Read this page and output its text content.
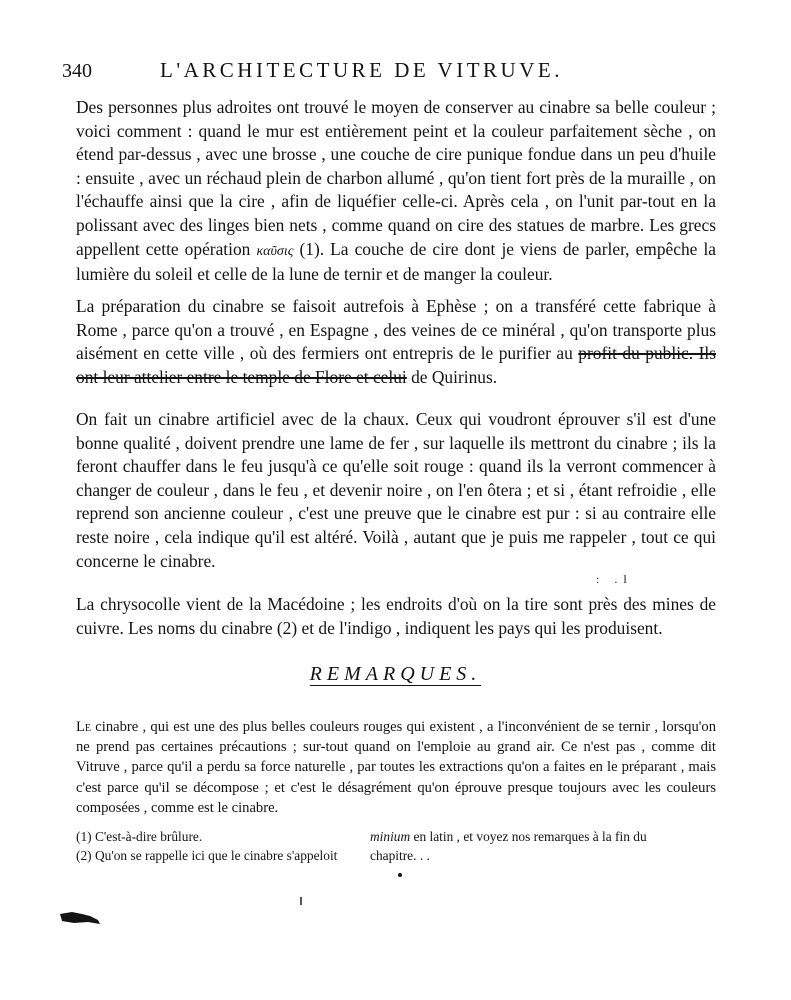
340	L'ARCHITECTURE DE VITRUVE.

Des personnes plus adroites ont trouvé le moyen de conserver au cinabre sa belle couleur ; voici comment : quand le mur est entièrement peint et la couleur parfaitement sèche , on étend par-dessus , avec une brosse , une couche de cire punique fondue dans un peu d'huile : ensuite , avec un réchaud plein de charbon allumé , qu'on tient fort près de la muraille , on l'échauffe ainsi que la cire , afin de liquéfier celle-ci. Après cela , on l'unit par-tout en la polissant avec des linges bien nets , comme quand on cire des statues de marbre. Les grecs appellent cette opération καῦσις (1). La couche de cire dont je viens de parler, empêche la lumière du soleil et celle de la lune de ternir et de manger la couleur.

La préparation du cinabre se faisoit autrefois à Ephèse ; on a transféré cette fabrique à Rome , parce qu'on a trouvé , en Espagne , des veines de ce minéral , qu'on transporte plus aisément en cette ville , où des fermiers ont entrepris de le purifier au profit du public. Ils ont leur attelier entre le temple de Flore et celui de Quirinus.

On fait un cinabre artificiel avec de la chaux. Ceux qui voudront éprouver s'il est d'une bonne qualité , doivent prendre une lame de fer , sur laquelle ils mettront du cinabre ; ils la feront chauffer dans le feu jusqu'à ce qu'elle soit rouge : quand ils la verront commencer à changer de couleur , dans le feu , et devenir noire , on l'en ôtera ; et si , étant refroidie , elle reprend son ancienne couleur , c'est une preuve que le cinabre est pur : si au contraire elle reste noire , cela indique qu'il est altéré. Voilà , autant que je puis me rappeler , tout ce qui concerne le cinabre.

: .l

La chrysocolle vient de la Macédoine ; les endroits d'où on la tire sont près des mines de cuivre. Les noms du cinabre (2) et de l'indigo , indiquent les pays qui les produisent.

REMARQUES.

Le cinabre , qui est une des plus belles couleurs rouges qui existent , a l'inconvénient de se ternir , lorsqu'on ne prend pas certaines précautions ; sur-tout quand on l'emploie au grand air. Ce n'est pas , comme dit Vitruve , parce qu'il a perdu sa force naturelle , par toutes les extractions qu'on a faites en le préparant , mais c'est parce qu'il se décompose ; et c'est le désagrément qu'on éprouve presque toujours avec les couleurs composées , comme est le cinabre.

(1) C'est-à-dire brûlure.	minium en latin , et voyez nos remarques à la fin du
(2) Qu'on se rappelle ici que le cinabre s'appeloit chapitre. . .
